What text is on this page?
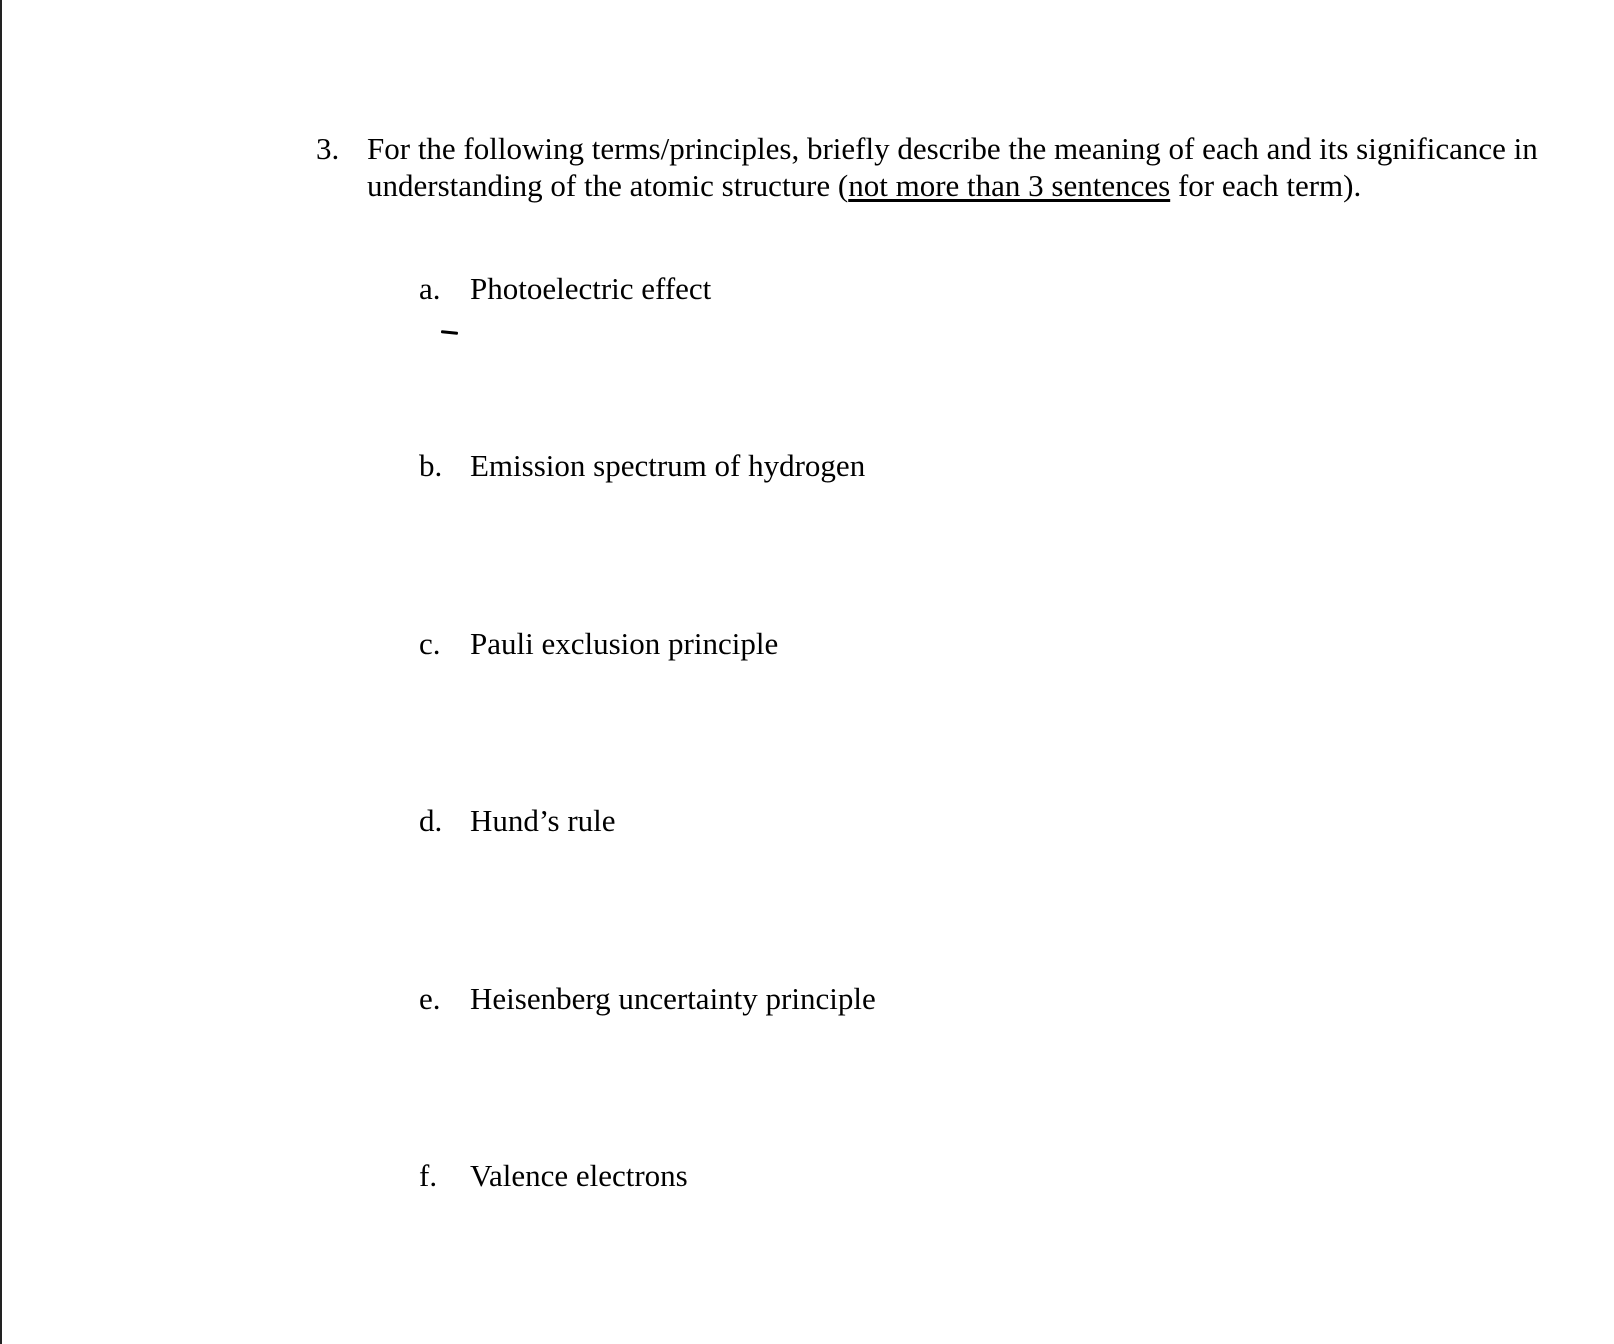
3. For the following terms/principles, briefly describe the meaning of each and its significance in understanding of the atomic structure (not more than 3 sentences for each term).
a. Photoelectric effect
b. Emission spectrum of hydrogen
c. Pauli exclusion principle
d. Hund’s rule
e. Heisenberg uncertainty principle
f. Valence electrons
